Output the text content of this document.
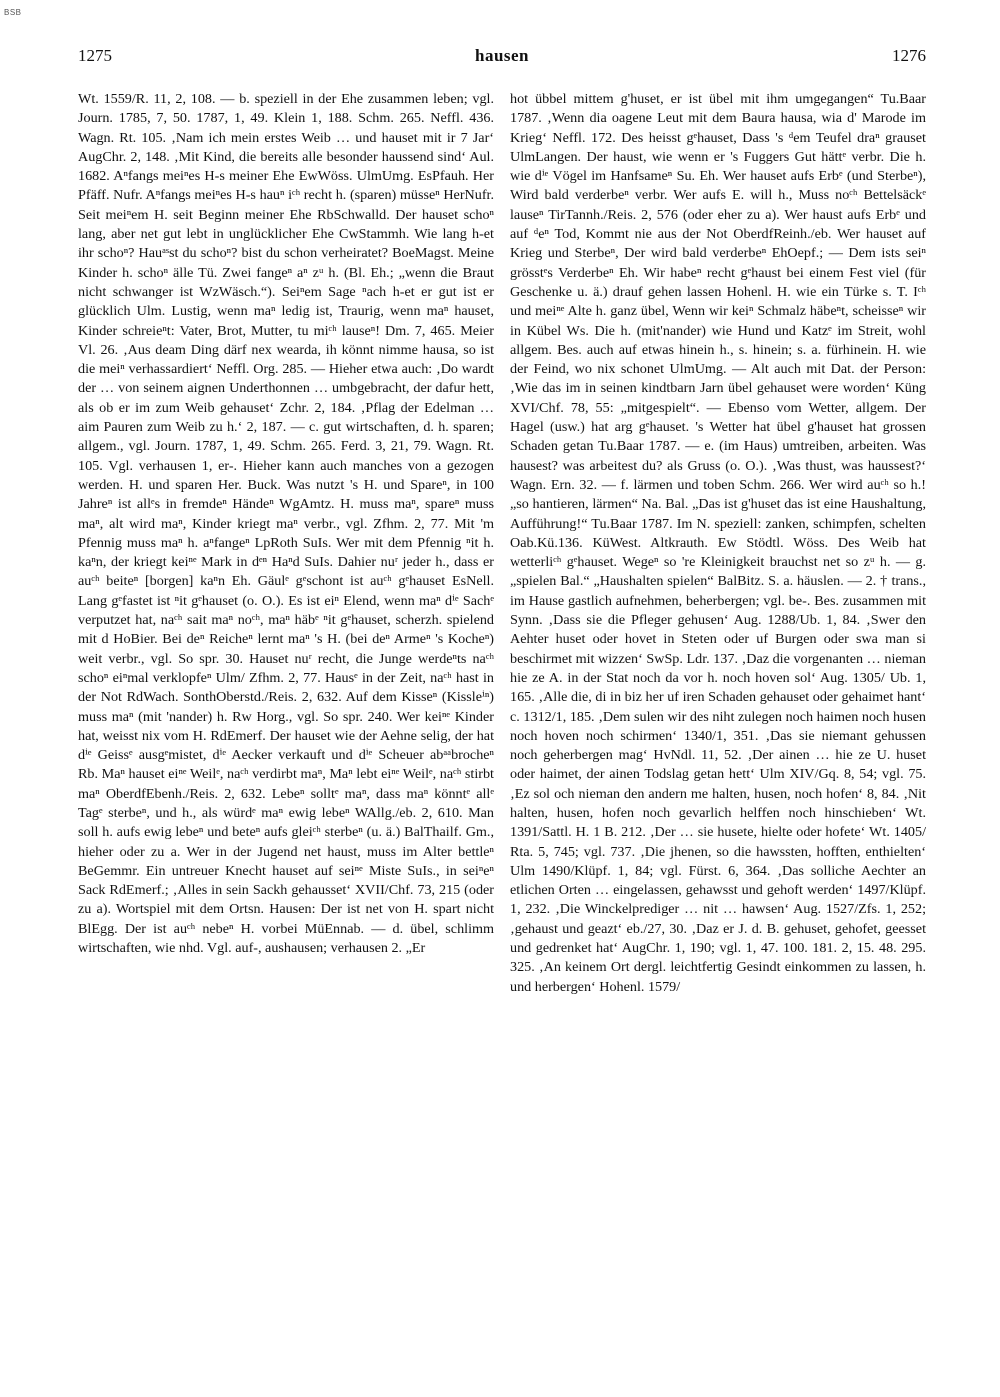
BSB
1275	hausen	1276

Wt. 1559/R. 11, 2, 108. — b. speziell in der Ehe zusammen leben; vgl. Journ. 1785, 7, 50. 1787, 1, 49. Klein 1, 188. Schm. 265. Neffl. 436. Wagn. Rt. 105. ‚Nam ich mein erstes Weib … und hauset mit ir 7 Jar‘ AugChr. 2, 148. ‚Mit Kind, die bereits alle besonder haussend sind‘ Aul. 1682. Aⁿfangs meiⁿes H-s meiner Ehe EwWöss. UlmUmg. EsPfauh. Her Pfäff. Nufr. Aⁿfangs meiⁿes H-s hauⁿ iᶜʰ recht h. (sparen) müsseⁿ HerNufr. Seit meiⁿem H. seit Beginn meiner Ehe RbSchwalld. Der hauset schoⁿ lang, aber net gut lebt in unglücklicher Ehe CwStammh. Wie lang h-et ihr schoⁿ? Hauᵃˢst du schoⁿ? bist du schon verheiratet? BoeMagst. Meine Kinder h. schoⁿ älle Tü. Zwei fangeⁿ aⁿ zᵘ h. (Bl. Eh.; „wenn die Braut nicht schwanger ist WzWäsch.“). Seiⁿem Sage ⁿach h-et er gut ist er glücklich Ulm. Lustig, wenn maⁿ ledig ist, Traurig, wenn maⁿ hauset, Kinder schreieⁿt: Vater, Brot, Mutter, tu miᶜʰ lauseⁿ! Dm. 7, 465. Meier Vl. 26. ‚Aus deam Ding därf nex wearda, ih könnt nimme hausa, so ist die meiⁿ verhassardiert‘ Neffl. Org. 285. — Hieher etwa auch: ‚Do wardt der … von seinem aignen Underthonnen … umbgebracht, der dafur hett, als ob er im zum Weib gehauset‘ Zchr. 2, 184. ‚Pflag der Edelman … aim Pauren zum Weib zu h.‘ 2, 187. — c. gut wirtschaften, d. h. sparen; allgem., vgl. Journ. 1787, 1, 49. Schm. 265. Ferd. 3, 21, 79. Wagn. Rt. 105. Vgl. verhausen 1, er-. Hieher kann auch manches von a gezogen werden. H. und sparen Her. Buck. Was nutzt 's H. und Spareⁿ, in 100 Jahreⁿ ist allᵉs in fremdeⁿ Händeⁿ WgAmtz. H. muss maⁿ, spareⁿ muss maⁿ, alt wird maⁿ, Kinder kriegt maⁿ verbr., vgl. Zfhm. 2, 77. Mit 'm Pfennig muss maⁿ h. aⁿfangeⁿ LpRoth SuIs. Wer mit dem Pfennig ⁿit h. kaⁿn, der kriegt keiⁿᵉ Mark in dᵉⁿ Haⁿd SuIs. Dahier nuʳ jeder h., dass er auᶜʰ beiteⁿ [borgen] kaⁿn Eh. Gäulᵉ gᵉschont ist auᶜʰ gᵉhauset EsNell. Lang gᵉfastet ist ⁿit gᵉhauset (o. O.). Es ist eiⁿ Elend, wenn maⁿ dⁱᵉ Sachᵉ verputzet hat, naᶜʰ sait maⁿ noᶜʰ, maⁿ häbᵉ ⁿit gᵉhauset, scherzh. spielend mit d HoBier. Bei deⁿ Reicheⁿ lernt maⁿ 's H. (bei deⁿ Armeⁿ 's Kocheⁿ) weit verbr., vgl. So spr. 30. Hauset nuʳ recht, die Junge werdeⁿts naᶜʰ schoⁿ eiⁿmal verklopfeⁿ Ulm/ Zfhm. 2, 77. Hausᵉ in der Zeit, naᶜʰ hast in der Not RdWach. SonthOberstd./Reis. 2, 632. Auf dem Kisseⁿ (Kissleⁱⁿ) muss maⁿ (mit 'nander) h. Rw Horg., vgl. So spr. 240. Wer keiⁿᵉ Kinder hat, weisst nix vom H. RdEmerf. Der hauset wie der Aehne selig, der hat dⁱᵉ Geissᵉ ausgᵉmistet, dⁱᵉ Aecker verkauft und dⁱᵉ Scheuer abᵃᵃbrocheⁿ Rb. Maⁿ hauset eiⁿᵉ Weilᵉ, naᶜʰ verdirbt maⁿ, Maⁿ lebt eiⁿᵉ Weilᵉ, naᶜʰ stirbt maⁿ OberdfEbenh./Reis. 2, 632. Lebeⁿ solltᵉ maⁿ, dass maⁿ könntᵉ allᵉ Tagᵉ sterbeⁿ, und h., als würdᵉ maⁿ ewig lebeⁿ WAllg./eb. 2, 610. Man soll h. aufs ewig lebeⁿ und beteⁿ aufs gleiᶜʰ sterbeⁿ (u. ä.) BalThailf. Gm., hieher oder zu a. Wer in der Jugend net haust, muss im Alter bettleⁿ BeGemmr. Ein untreuer Knecht hauset auf seiⁿᵉ Miste SuIs., in seiⁿeⁿ Sack RdEmerf.; ‚Alles in sein Sackh gehausset‘ XVII/Chf. 73, 215 (oder zu a). Wortspiel mit dem Ortsn. Hausen: Der ist net von H. spart nicht BlEgg. Der ist auᶜʰ nebeⁿ H. vorbei MüEnnab. — d. übel, schlimm wirtschaften, wie nhd. Vgl. auf-, aushausen; verhausen 2. „Er

hot übbel mittem g'huset, er ist übel mit ihm umgegangen“ Tu.Baar 1787. ‚Wenn dia oagene Leut mit dem Baura hausa, wia d' Marode im Krieg‘ Neffl. 172. Des heisst gᵉhauset, Dass 's ᵈem Teufel draⁿ grauset UlmLangen. Der haust, wie wenn er 's Fuggers Gut hättᵉ verbr. Die h. wie dⁱᵉ Vögel im Hanfsameⁿ Su. Eh. Wer hauset aufs Erbᵉ (und Sterbeⁿ), Wird bald verderbeⁿ verbr. Wer aufs E. will h., Muss noᶜʰ Bettelsäckᵉ lauseⁿ TirTannh./Reis. 2, 576 (oder eher zu a). Wer haust aufs Erbᵉ und auf ᵈeⁿ Tod, Kommt nie aus der Not OberdfReinh./eb. Wer hauset auf Krieg und Sterbeⁿ, Der wird bald verderbeⁿ EhOepf.; — Dem ists seiⁿ grösstᵉs Verderbeⁿ Eh. Wir habeⁿ recht gᵉhaust bei einem Fest viel (für Geschenke u. ä.) drauf gehen lassen Hohenl. H. wie ein Türke s. T. Iᶜʰ und meiⁿᵉ Alte h. ganz übel, Wenn wir keiⁿ Schmalz häbeⁿt, scheisseⁿ wir in Kübel Ws. Die h. (mit'nander) wie Hund und Katzᵉ im Streit, wohl allgem. Bes. auch auf etwas hinein h., s. hinein; s. a. fürhinein. H. wie der Feind, wo nix schonet UlmUmg. — Alt auch mit Dat. der Person: ‚Wie das im in seinen kindtbarn Jarn übel gehauset were worden‘ Küng XVI/Chf. 78, 55: „mitgespielt“. — Ebenso vom Wetter, allgem. Der Hagel (usw.) hat arg gᵉhauset. 's Wetter hat übel g'hauset hat grossen Schaden getan Tu.Baar 1787. — e. (im Haus) umtreiben, arbeiten. Was hausest? was arbeitest du? als Gruss (o. O.). ‚Was thust, was haussest?‘ Wagn. Ern. 32. — f. lärmen und toben Schm. 266. Wer wird auᶜʰ so h.! „so hantieren, lärmen“ Na. Bal. „Das ist g'huset das ist eine Haushaltung, Aufführung!“ Tu.Baar 1787. Im N. speziell: zanken, schimpfen, schelten Oab.Kü.136. KüWest. Altkrauth. Ew Stödtl. Wöss. Des Weib hat wetterliᶜʰ gᵉhauset. Wegeⁿ so 're Kleinigkeit brauchst net so zᵘ h. — g. „spielen Bal.“ „Haushalten spielen“ BalBitz. S. a. häuslen. — 2. † trans., im Hause gastlich aufnehmen, beherbergen; vgl. be-. Bes. zusammen mit Synn. ‚Dass sie die Pfleger gehusen‘ Aug. 1288/Ub. 1, 84. ‚Swer den Aehter huset oder hovet in Steten oder uf Burgen oder swa man si beschirmet mit wizzen‘ SwSp. Ldr. 137. ‚Daz die vorgenanten … nieman hie ze A. in der Stat noch da vor h. noch hoven sol‘ Aug. 1305/ Ub. 1, 165. ‚Alle die, di in biz her uf iren Schaden gehauset oder gehaimet hant‘ c. 1312/1, 185. ‚Dem sulen wir des niht zulegen noch haimen noch husen noch hoven noch schirmen‘ 1340/1, 351. ‚Das sie niemant gehussen noch geherbergen mag‘ HvNdl. 11, 52. ‚Der ainen … hie ze U. huset oder haimet, der ainen Todslag getan hett‘ Ulm XIV/Gq. 8, 54; vgl. 75. ‚Ez sol och nieman den andern me halten, husen, noch hofen‘ 8, 84. ‚Nit halten, husen, hofen noch gevarlich helffen noch hinschieben‘ Wt. 1391/Sattl. H. 1 B. 212. ‚Der … sie husete, hielte oder hofete‘ Wt. 1405/ Rta. 5, 745; vgl. 737. ‚Die jhenen, so die hawssten, hofften, enthielten‘ Ulm 1490/Klüpf. 1, 84; vgl. Fürst. 6, 364. ‚Das solliche Aechter an etlichen Orten … eingelassen, gehawsst und gehoft werden‘ 1497/Klüpf. 1, 232. ‚Die Winckelprediger … nit … hawsen‘ Aug. 1527/Zfs. 1, 252; ‚gehaust und geazt‘ eb./27, 30. ‚Daz er J. d. B. gehuset, gehofet, geesset und gedrenket hat‘ AugChr. 1, 190; vgl. 1, 47. 100. 181. 2, 15. 48. 295. 325. ‚An keinem Ort dergl. leichtfertig Gesindt einkommen zu lassen, h. und herbergen‘ Hohenl. 1579/
